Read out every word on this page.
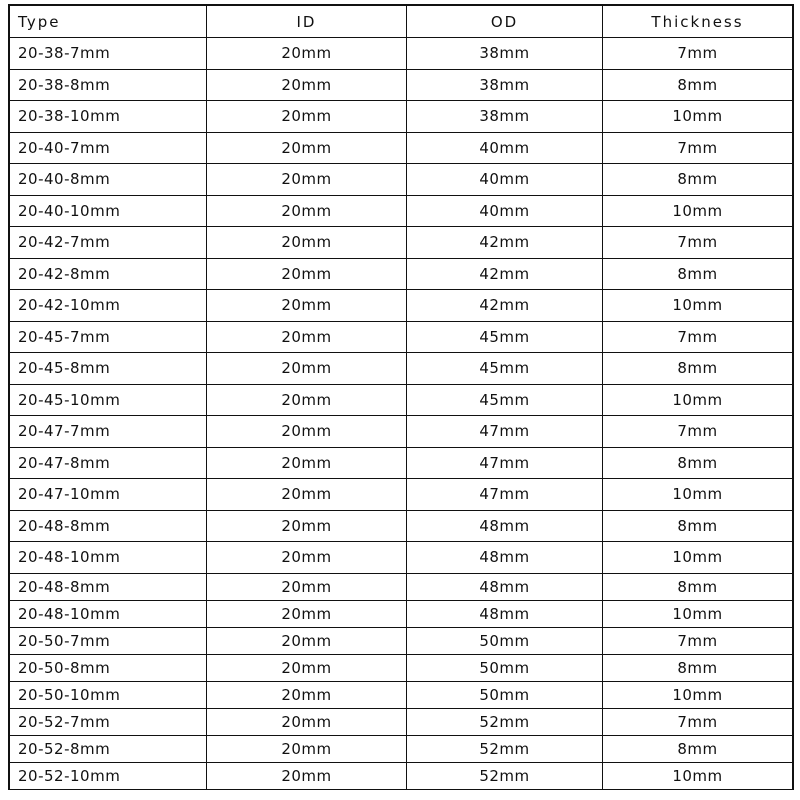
Type	ID	OD	Thickness
20-38-7mm	20mm	38mm	7mm
20-38-8mm	20mm	38mm	8mm
20-38-10mm	20mm	38mm	10mm
20-40-7mm	20mm	40mm	7mm
20-40-8mm	20mm	40mm	8mm
20-40-10mm	20mm	40mm	10mm
20-42-7mm	20mm	42mm	7mm
20-42-8mm	20mm	42mm	8mm
20-42-10mm	20mm	42mm	10mm
20-45-7mm	20mm	45mm	7mm
20-45-8mm	20mm	45mm	8mm
20-45-10mm	20mm	45mm	10mm
20-47-7mm	20mm	47mm	7mm
20-47-8mm	20mm	47mm	8mm
20-47-10mm	20mm	47mm	10mm
20-48-8mm	20mm	48mm	8mm
20-48-10mm	20mm	48mm	10mm
20-48-8mm	20mm	48mm	8mm
20-48-10mm	20mm	48mm	10mm
20-50-7mm	20mm	50mm	7mm
20-50-8mm	20mm	50mm	8mm
20-50-10mm	20mm	50mm	10mm
20-52-7mm	20mm	52mm	7mm
20-52-8mm	20mm	52mm	8mm
20-52-10mm	20mm	52mm	10mm
